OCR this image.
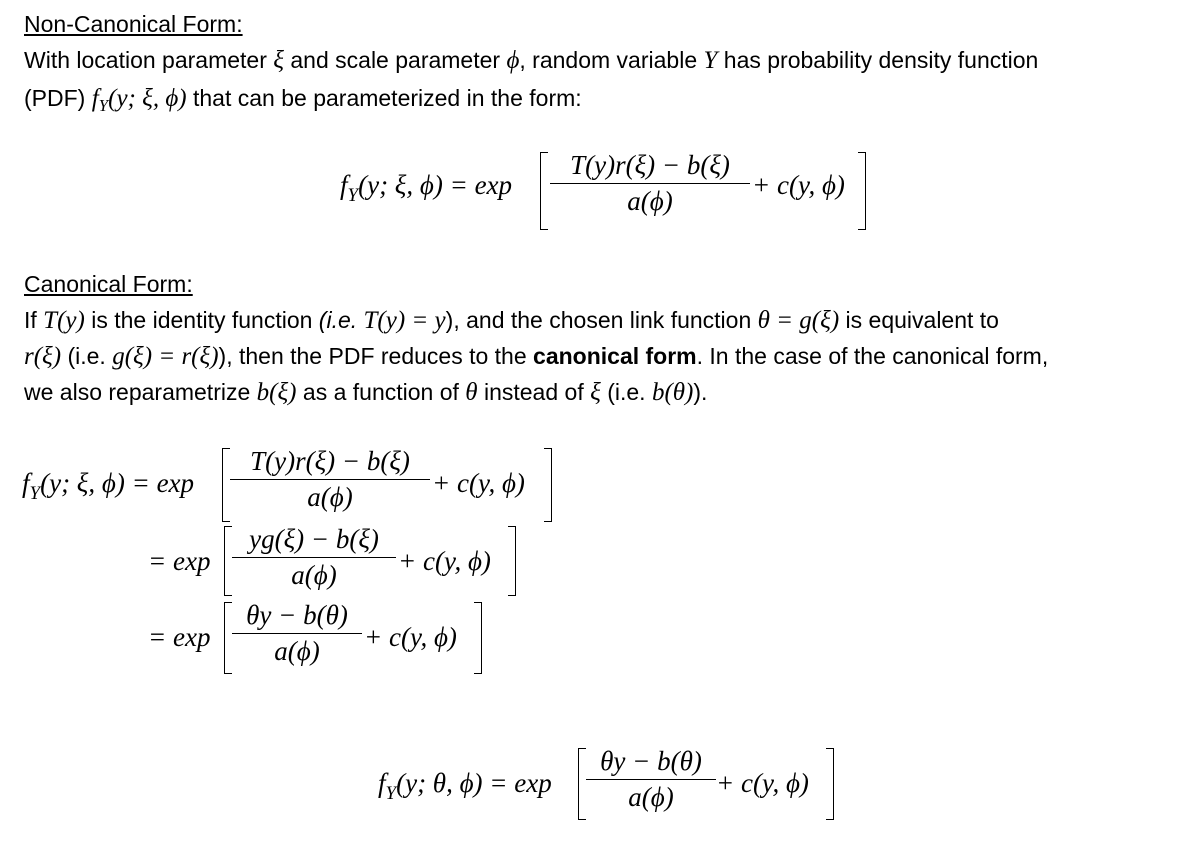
Non-Canonical Form:
With location parameter ξ and scale parameter ϕ, random variable Y has probability density function
(PDF) $f_Y(y$; ξ, ϕ) that can be parameterized in the form:
$f_Y(y$; ξ, ϕ) = exp
T(y)r(ξ) − b(ξ)
a(ϕ)
+ c(y, ϕ)
Canonical Form:
If T(y) is the identity function (i.e. T(y) = y), and the chosen link function θ = g(ξ) is equivalent to
r(ξ) (i.e. g(ξ) = r(ξ)), then the PDF reduces to the canonical form. In the case of the canonical form,
we also reparametrize b(ξ) as a function of θ instead of ξ (i.e. b(θ)).
$f_Y(y$; ξ, ϕ) = exp
T(y)r(ξ) − b(ξ)
a(ϕ)	+ c(y, ϕ)
= exp
yg(ξ) − b(ξ)
a(ϕ)	+ c(y, ϕ)
= exp
θy − b(θ)
a(ϕ)	+ c(y, ϕ)
$f_Y(y$; θ, ϕ) = exp
θy − b(θ)
a(ϕ)	+ c(y, ϕ)
